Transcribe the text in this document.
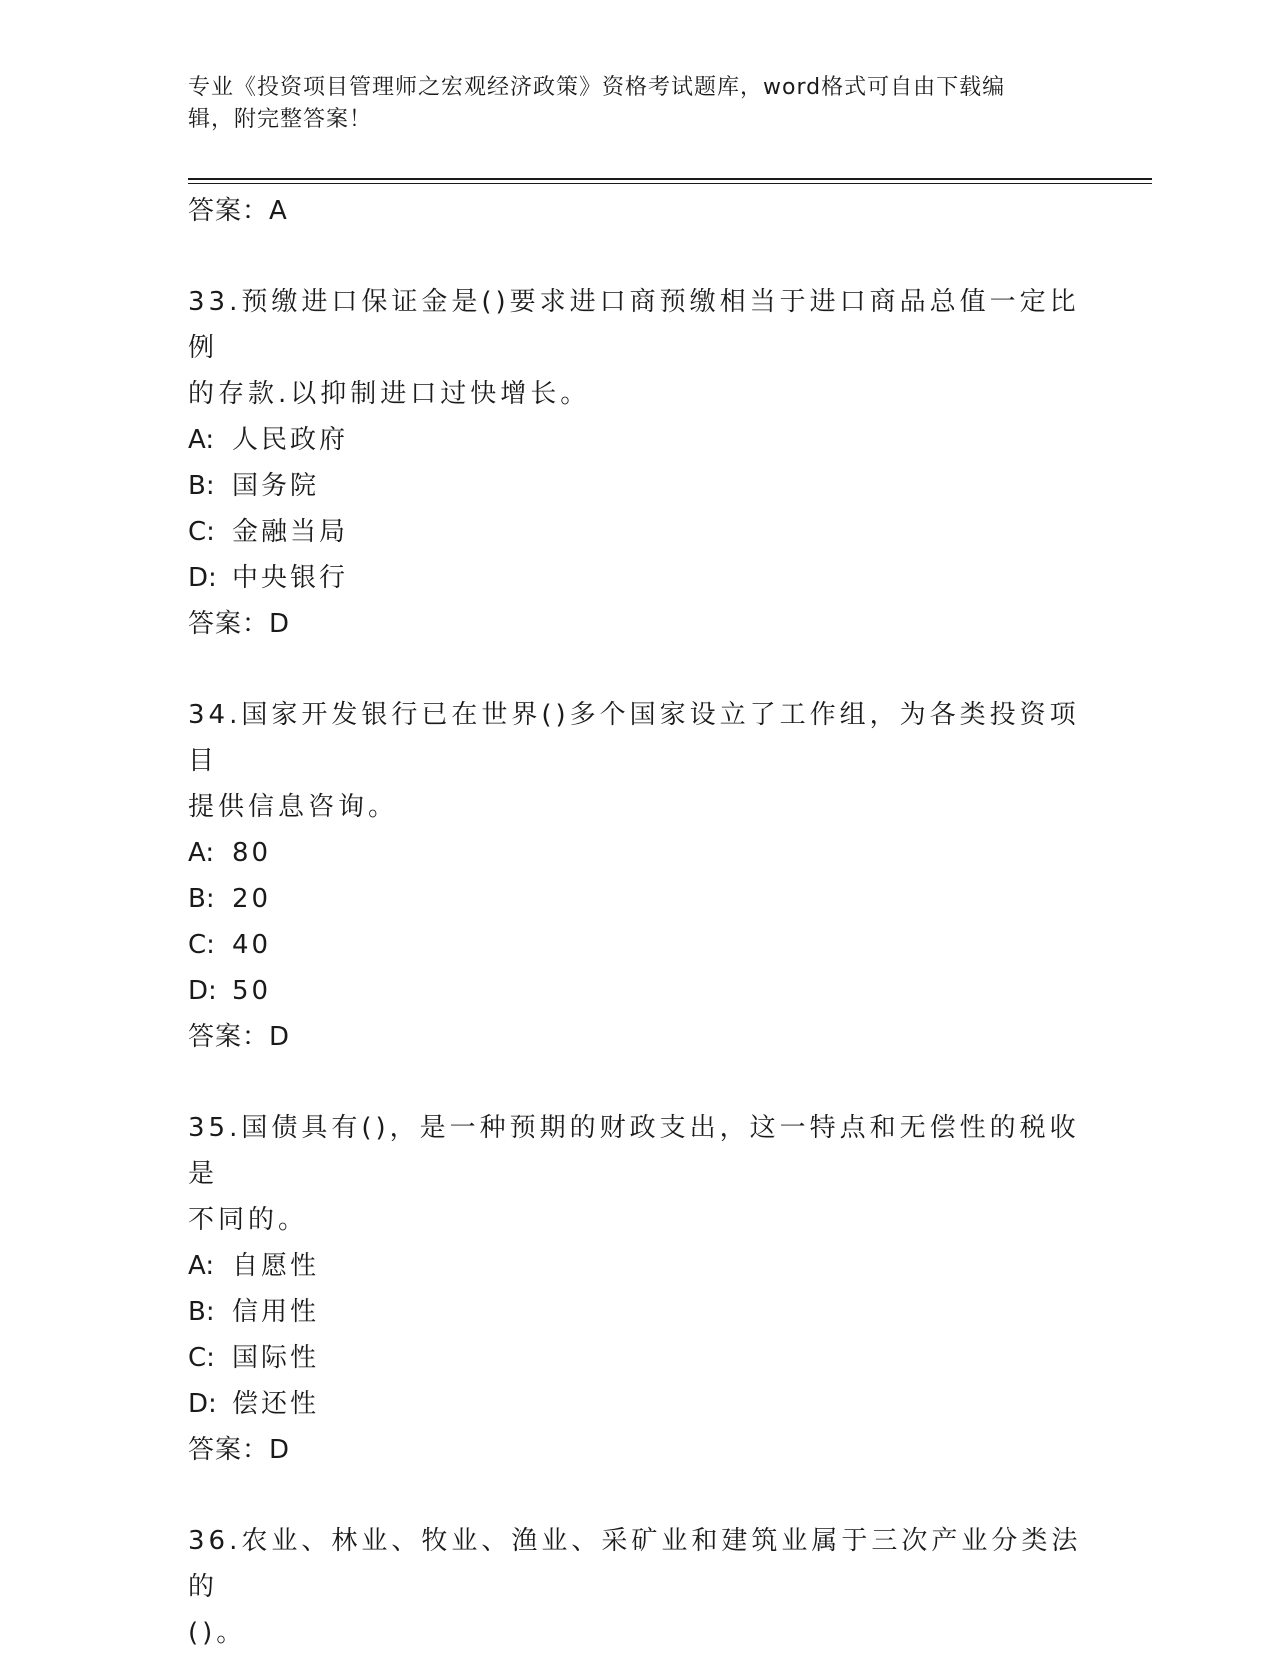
专业《投资项目管理师之宏观经济政策》资格考试题库，word格式可自由下载编
辑，附完整答案！
答案：A
33.预缴进口保证金是()要求进口商预缴相当于进口商品总值一定比例
的存款.以抑制进口过快增长。
A: 人民政府
B: 国务院
C: 金融当局
D: 中央银行
答案：D
34.国家开发银行已在世界()多个国家设立了工作组，为各类投资项目
提供信息咨询。
A: 80
B: 20
C: 40
D: 50
答案：D
35.国债具有()，是一种预期的财政支出，这一特点和无偿性的税收是
不同的。
A: 自愿性
B: 信用性
C: 国际性
D: 偿还性
答案：D
36.农业、林业、牧业、渔业、采矿业和建筑业属于三次产业分类法的
()。
